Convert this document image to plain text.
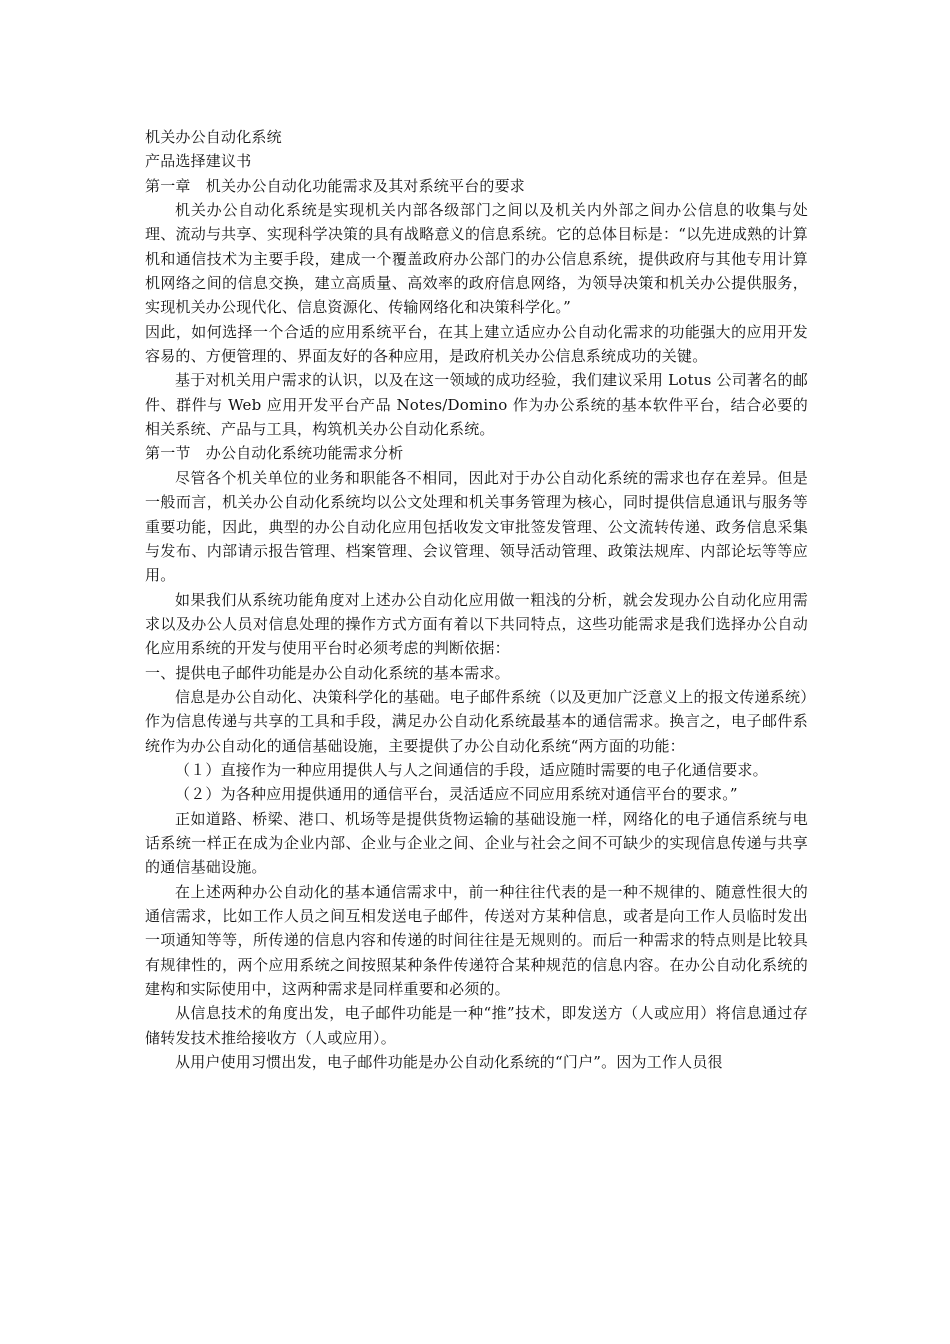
机关办公自动化系统
产品选择建议书
第一章　机关办公自动化功能需求及其对系统平台的要求

机关办公自动化系统是实现机关内部各级部门之间以及机关内外部之间办公信息的收集与处理、流动与共享、实现科学决策的具有战略意义的信息系统。它的总体目标是：“以先进成熟的计算机和通信技术为主要手段，建成一个覆盖政府办公部门的办公信息系统，提供政府与其他专用计算机网络之间的信息交换，建立高质量、高效率的政府信息网络，为领导决策和机关办公提供服务，实现机关办公现代化、信息资源化、传输网络化和决策科学化。”

因此，如何选择一个合适的应用系统平台，在其上建立适应办公自动化需求的功能强大的应用开发容易的、方便管理的、界面友好的各种应用，是政府机关办公信息系统成功的关键。

基于对机关用户需求的认识，以及在这一领域的成功经验，我们建议采用 Lotus 公司著名的邮件、群件与 Web 应用开发平台产品 Notes/Domino 作为办公系统的基本软件平台，结合必要的相关系统、产品与工具，构筑机关办公自动化系统。

第一节　办公自动化系统功能需求分析

尽管各个机关单位的业务和职能各不相同，因此对于办公自动化系统的需求也存在差异。但是一般而言，机关办公自动化系统均以公文处理和机关事务管理为核心，同时提供信息通讯与服务等重要功能，因此，典型的办公自动化应用包括收发文审批签发管理、公文流转传递、政务信息采集与发布、内部请示报告管理、档案管理、会议管理、领导活动管理、政策法规库、内部论坛等等应用。

如果我们从系统功能角度对上述办公自动化应用做一粗浅的分析，就会发现办公自动化应用需求以及办公人员对信息处理的操作方式方面有着以下共同特点，这些功能需求是我们选择办公自动化应用系统的开发与使用平台时必须考虑的判断依据：

一、提供电子邮件功能是办公自动化系统的基本需求。

信息是办公自动化、决策科学化的基础。电子邮件系统（以及更加广泛意义上的报文传递系统）作为信息传递与共享的工具和手段，满足办公自动化系统最基本的通信需求。换言之，电子邮件系统作为办公自动化的通信基础设施，主要提供了办公自动化系统“两方面的功能：

（１）直接作为一种应用提供人与人之间通信的手段，适应随时需要的电子化通信要求。

（２）为各种应用提供通用的通信平台，灵活适应不同应用系统对通信平台的要求。”

正如道路、桥梁、港口、机场等是提供货物运输的基础设施一样，网络化的电子通信系统与电话系统一样正在成为企业内部、企业与企业之间、企业与社会之间不可缺少的实现信息传递与共享的通信基础设施。

在上述两种办公自动化的基本通信需求中，前一种往往代表的是一种不规律的、随意性很大的通信需求，比如工作人员之间互相发送电子邮件，传送对方某种信息，或者是向工作人员临时发出一项通知等等，所传递的信息内容和传递的时间往往是无规则的。而后一种需求的特点则是比较具有规律性的，两个应用系统之间按照某种条件传递符合某种规范的信息内容。在办公自动化系统的建构和实际使用中，这两种需求是同样重要和必须的。

从信息技术的角度出发，电子邮件功能是一种“推”技术，即发送方（人或应用）将信息通过存储转发技术推给接收方（人或应用）。

从用户使用习惯出发，电子邮件功能是办公自动化系统的“门户”。因为工作人员很
